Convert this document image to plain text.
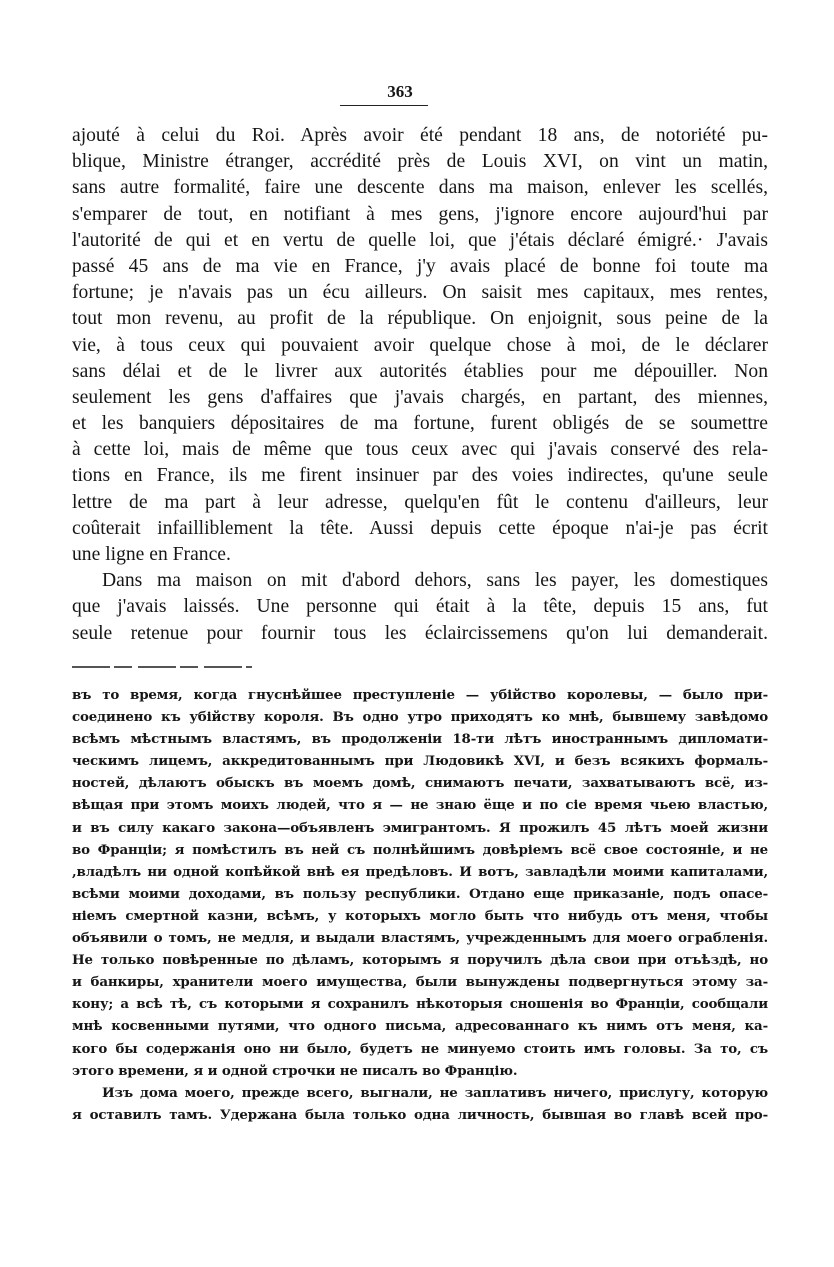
363
ajouté à celui du Roi. Après avoir été pendant 18 ans, de notoriété pu-
blique, Ministre étranger, accrédité près de Louis XVI, on vint un matin,
sans autre formalité, faire une descente dans ma maison, enlever les scellés,
s'emparer de tout, en notifiant à mes gens, j'ignore encore aujourd'hui par
l'autorité de qui et en vertu de quelle loi, que j'étais déclaré émigré.· J'avais
passé 45 ans de ma vie en France, j'y avais placé de bonne foi toute ma
fortune; je n'avais pas un écu ailleurs. On saisit mes capitaux, mes rentes,
tout mon revenu, au profit de la république. On enjoignit, sous peine de la
vie, à tous ceux qui pouvaient avoir quelque chose à moi, de le déclarer
sans délai et de le livrer aux autorités établies pour me dépouiller. Non
seulement les gens d'affaires que j'avais chargés, en partant, des miennes,
et les banquiers dépositaires de ma fortune, furent obligés de se soumettre
à cette loi, mais de même que tous ceux avec qui j'avais conservé des rela-
tions en France, ils me firent insinuer par des voies indirectes, qu'une seule
lettre de ma part à leur adresse, quelqu'en fût le contenu d'ailleurs, leur
coûterait infailliblement la tête. Aussi depuis cette époque n'ai-je pas écrit
une ligne en France.
Dans ma maison on mit d'abord dehors, sans les payer, les domestiques
que j'avais laissés. Une personne qui était à la tête, depuis 15 ans, fut
seule retenue pour fournir tous les éclaircissemens qu'on lui demanderait.
въ то время, когда гнуснѣйшее преступленіе — убійство королевы, — было при-
соединено къ убійству короля. Въ одно утро приходятъ ко мнѣ, бывшему завѣдомо
всѣмъ мѣстнымъ властямъ, въ продолженіи 18-ти лѣтъ иностраннымъ дипломати-
ческимъ лицемъ, аккредитованнымъ при Людовикѣ XVI, и безъ всякихъ формаль-
ностей, дѣлаютъ обыскъ въ моемъ домѣ, снимаютъ печати, захватываютъ всё, из-
вѣщая при этомъ моихъ людей, что я — не знаю ёще и по сіе время чьею властью,
и въ силу какаго закона—объявленъ эмигрантомъ. Я прожилъ 45 лѣтъ моей жизни
во Франціи; я помѣстилъ въ ней съ полнѣйшимъ довѣріемъ всё свое состояніе, и не
,владѣлъ ни одной копѣйкой внѣ ея предѣловъ. И вотъ, завладѣли моими капиталами,
всѣми моими доходами, въ пользу республики. Отдано еще приказаніе, подъ опасе-
ніемъ смертной казни, всѣмъ, у которыхъ могло быть что нибудь отъ меня, чтобы
объявили о томъ, не медля, и выдали властямъ, учрежденнымъ для моего ограбленія.
Не только повѣренные по дѣламъ, которымъ я поручилъ дѣла свои при отъѣздѣ, но
и банкиры, хранители моего имущества, были вынуждены подвергнуться этому за-
кону; а всѣ тѣ, съ которыми я сохранилъ нѣкоторыя сношенія во Франціи, сообщали
мнѣ косвенными путями, что одного письма, адресованнаго къ нимъ отъ меня, ка-
кого бы содержанія оно ни было, будетъ не минуемо стоить имъ головы. За то, съ
этого времени, я и одной строчки не писалъ во Францію.
Изъ дома моего, прежде всего, выгнали, не заплативъ ничего, прислугу, которую
я оставилъ тамъ. Удержана была только одна личность, бывшая во главѣ всей про-
